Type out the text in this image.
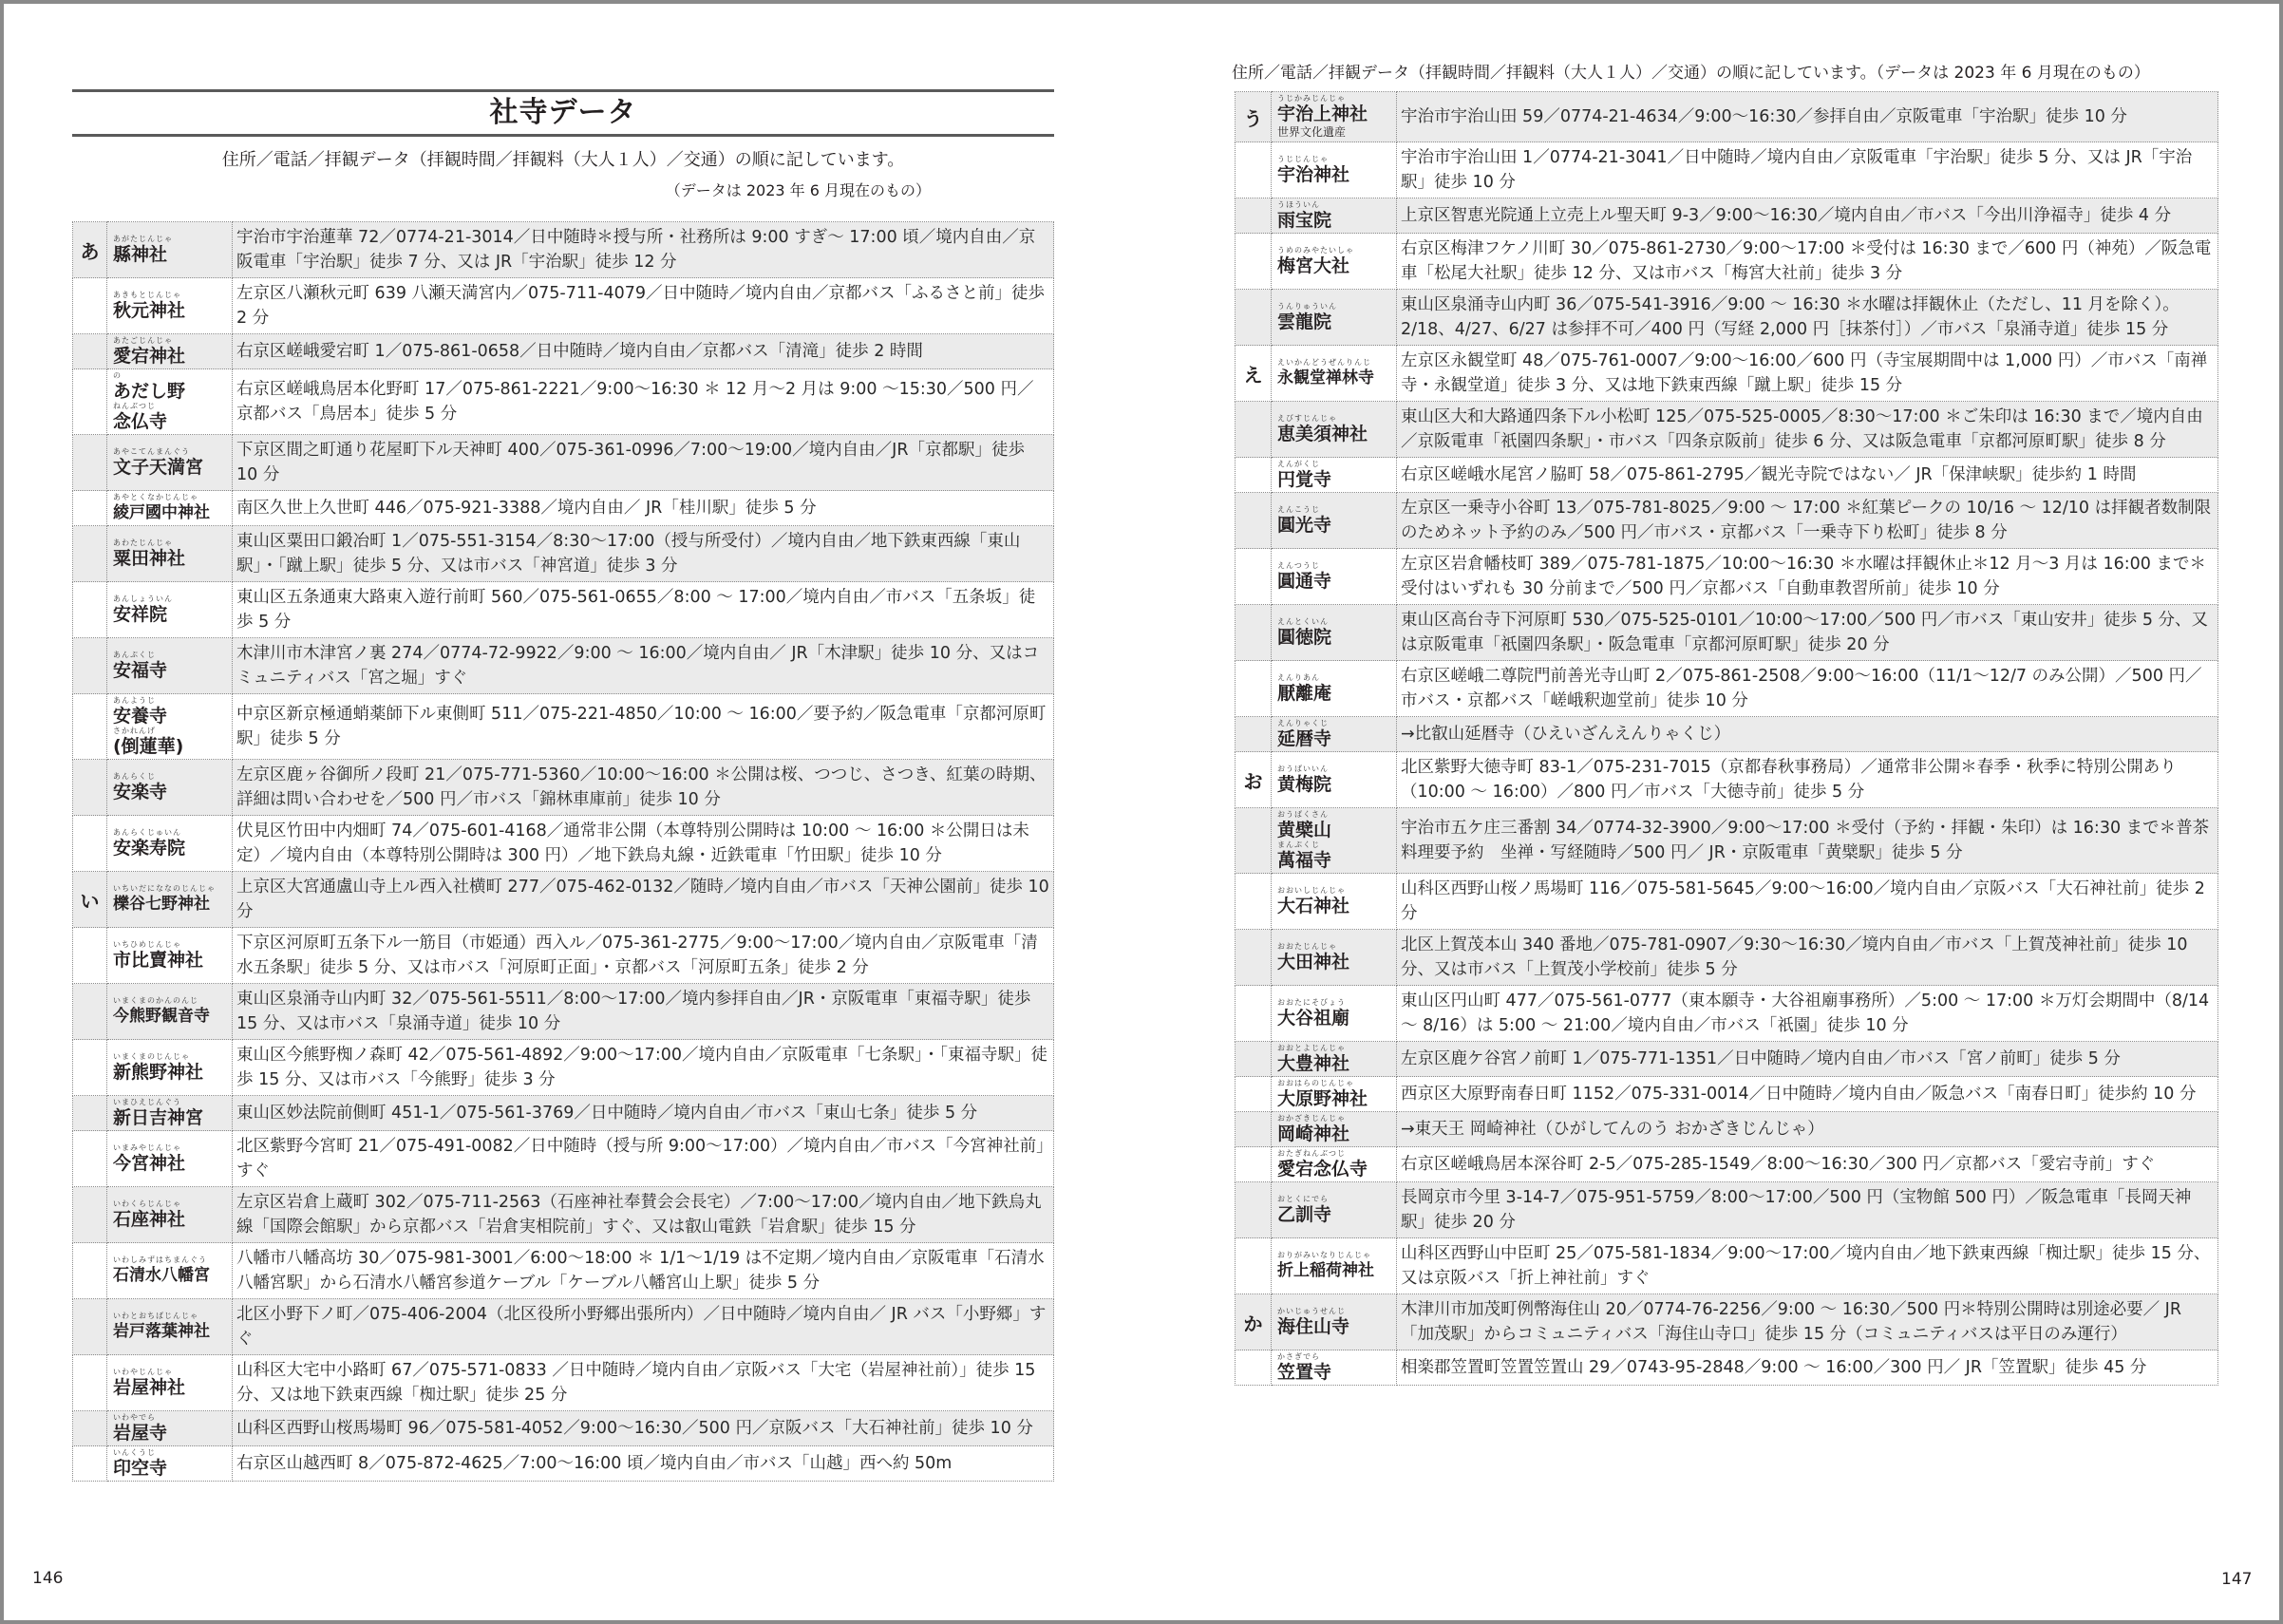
社寺データ
住所／電話／拝観データ（拝観時間／拝観料（大人１人）／交通）の順に記しています。
（データは 2023 年 6 月現在のもの）
あ	あがたじんじゃ
縣神社	宇治市宇治蓮華 72／0774-21-3014／日中随時＊授与所・社務所は 9:00 すぎ～ 17:00 頃／境内自由／京阪電車「宇治駅」徒歩 7 分、又は JR「宇治駅」徒歩 12 分

	あきもとじんじゃ
秋元神社	左京区八瀬秋元町 639 八瀬天満宮内／075-711-4079／日中随時／境内自由／京都バス「ふるさと前」徒歩 2 分

	あたごじんじゃ
愛宕神社	右京区嵯峨愛宕町 1／075-861-0658／日中随時／境内自由／京都バス「清滝」徒歩 2 時間

	の
あだし野
ねんぶつじ
念仏寺	右京区嵯峨鳥居本化野町 17／075-861-2221／9:00～16:30 ＊ 12 月～2 月は 9:00 ～15:30／500 円／京都バス「鳥居本」徒歩 5 分

	あやこてんまんぐう
文子天満宮	下京区間之町通り花屋町下ル天神町 400／075-361-0996／7:00～19:00／境内自由／JR「京都駅」徒歩 10 分

	あやとくなかじんじゃ
綾戸國中神社	南区久世上久世町 446／075-921-3388／境内自由／ JR「桂川駅」徒歩 5 分

	あわたじんじゃ
粟田神社	東山区粟田口鍛冶町 1／075-551-3154／8:30～17:00（授与所受付）／境内自由／地下鉄東西線「東山駅」・「蹴上駅」徒歩 5 分、又は市バス「神宮道」徒歩 3 分

	あんしょういん
安祥院	東山区五条通東大路東入遊行前町 560／075-561-0655／8:00 ～ 17:00／境内自由／市バス「五条坂」徒歩 5 分

	あんぷくじ
安福寺	木津川市木津宮ノ裏 274／0774-72-9922／9:00 ～ 16:00／境内自由／ JR「木津駅」徒歩 10 分、又はコミュニティバス「宮之堀」すぐ

	あんようじ
安養寺
さかれんげ
(倒蓮華)	中京区新京極通蛸薬師下ル東側町 511／075-221-4850／10:00 ～ 16:00／要予約／阪急電車「京都河原町駅」徒歩 5 分

	あんらくじ
安楽寺	左京区鹿ヶ谷御所ノ段町 21／075-771-5360／10:00～16:00 ＊公開は桜、つつじ、さつき、紅葉の時期、詳細は問い合わせを／500 円／市バス「錦林車庫前」徒歩 10 分

	あんらくじゅいん
安楽寿院	伏見区竹田中内畑町 74／075-601-4168／通常非公開（本尊特別公開時は 10:00 ～ 16:00 ＊公開日は未定）／境内自由（本尊特別公開時は 300 円）／地下鉄烏丸線・近鉄電車「竹田駅」徒歩 10 分
い	いちいだにななのじんじゃ
櫟谷七野神社	上京区大宮通盧山寺上ル西入社横町 277／075-462-0132／随時／境内自由／市バス「天神公園前」徒歩 10 分

	いちひめじんじゃ
市比賣神社	下京区河原町五条下ル一筋目（市姫通）西入ル／075-361-2775／9:00～17:00／境内自由／京阪電車「清水五条駅」徒歩 5 分、又は市バス「河原町正面」・京都バス「河原町五条」徒歩 2 分

	いまくまのかんのんじ
今熊野観音寺	東山区泉涌寺山内町 32／075-561-5511／8:00～17:00／境内参拝自由／JR・京阪電車「東福寺駅」徒歩 15 分、又は市バス「泉涌寺道」徒歩 10 分

	いまくまのじんじゃ
新熊野神社	東山区今熊野椥ノ森町 42／075-561-4892／9:00～17:00／境内自由／京阪電車「七条駅」・「東福寺駅」徒歩 15 分、又は市バス「今熊野」徒歩 3 分

	いまひえじんぐう
新日吉神宮	東山区妙法院前側町 451-1／075-561-3769／日中随時／境内自由／市バス「東山七条」徒歩 5 分

	いまみやじんじゃ
今宮神社	北区紫野今宮町 21／075-491-0082／日中随時（授与所 9:00～17:00）／境内自由／市バス「今宮神社前」すぐ

	いわくらじんじゃ
石座神社	左京区岩倉上蔵町 302／075-711-2563（石座神社奉賛会会長宅）／7:00～17:00／境内自由／地下鉄烏丸線「国際会館駅」から京都バス「岩倉実相院前」すぐ、又は叡山電鉄「岩倉駅」徒歩 15 分

	いわしみずはちまんぐう
石清水八幡宮	八幡市八幡高坊 30／075-981-3001／6:00～18:00 ＊ 1/1～1/19 は不定期／境内自由／京阪電車「石清水八幡宮駅」から石清水八幡宮参道ケーブル「ケーブル八幡宮山上駅」徒歩 5 分

	いわとおちばじんじゃ
岩戸落葉神社	北区小野下ノ町／075-406-2004（北区役所小野郷出張所内）／日中随時／境内自由／ JR バス「小野郷」すぐ

	いわやじんじゃ
岩屋神社	山科区大宅中小路町 67／075-571-0833 ／日中随時／境内自由／京阪バス「大宅（岩屋神社前）」徒歩 15 分、又は地下鉄東西線「椥辻駅」徒歩 25 分

	いわやでら
岩屋寺	山科区西野山桜馬場町 96／075-581-4052／9:00～16:30／500 円／京阪バス「大石神社前」徒歩 10 分

	いんくうじ
印空寺	右京区山越西町 8／075-872-4625／7:00～16:00 頃／境内自由／市バス「山越」西へ約 50m
146
住所／電話／拝観データ（拝観時間／拝観料（大人１人）／交通）の順に記しています。（データは 2023 年 6 月現在のもの）
う	うじかみじんじゃ
宇治上神社
世界文化遺産	宇治市宇治山田 59／0774-21-4634／9:00～16:30／参拝自由／京阪電車「宇治駅」徒歩 10 分

	うじじんじゃ
宇治神社	宇治市宇治山田 1／0774-21-3041／日中随時／境内自由／京阪電車「宇治駅」徒歩 5 分、又は JR「宇治駅」徒歩 10 分

	うほういん
雨宝院	上京区智恵光院通上立売上ル聖天町 9-3／9:00～16:30／境内自由／市バス「今出川浄福寺」徒歩 4 分

	うめのみやたいしゃ
梅宮大社	右京区梅津フケノ川町 30／075-861-2730／9:00～17:00 ＊受付は 16:30 まで／600 円（神苑）／阪急電車「松尾大社駅」徒歩 12 分、又は市バス「梅宮大社前」徒歩 3 分

	うんりゅういん
雲龍院	東山区泉涌寺山内町 36／075-541-3916／9:00 ～ 16:30 ＊水曜は拝観休止（ただし、11 月を除く）。2/18、4/27、6/27 は参拝不可／400 円（写経 2,000 円［抹茶付］）／市バス「泉涌寺道」徒歩 15 分
え	えいかんどうぜんりんじ
永観堂禅林寺	左京区永観堂町 48／075-761-0007／9:00～16:00／600 円（寺宝展期間中は 1,000 円）／市バス「南禅寺・永観堂道」徒歩 3 分、又は地下鉄東西線「蹴上駅」徒歩 15 分

	えびすじんじゃ
恵美須神社	東山区大和大路通四条下ル小松町 125／075-525-0005／8:30～17:00 ＊ご朱印は 16:30 まで／境内自由／京阪電車「祇園四条駅」・市バス「四条京阪前」徒歩 6 分、又は阪急電車「京都河原町駅」徒歩 8 分

	えんがくじ
円覚寺	右京区嵯峨水尾宮ノ脇町 58／075-861-2795／観光寺院ではない／ JR「保津峡駅」徒歩約 1 時間

	えんこうじ
圓光寺	左京区一乗寺小谷町 13／075-781-8025／9:00 ～ 17:00 ＊紅葉ピークの 10/16 ～ 12/10 は拝観者数制限のためネット予約のみ／500 円／市バス・京都バス「一乗寺下り松町」徒歩 8 分

	えんつうじ
圓通寺	左京区岩倉幡枝町 389／075-781-1875／10:00～16:30 ＊水曜は拝観休止＊12 月～3 月は 16:00 まで＊受付はいずれも 30 分前まで／500 円／京都バス「自動車教習所前」徒歩 10 分

	えんとくいん
圓徳院	東山区高台寺下河原町 530／075-525-0101／10:00～17:00／500 円／市バス「東山安井」徒歩 5 分、又は京阪電車「祇園四条駅」・阪急電車「京都河原町駅」徒歩 20 分

	えんりあん
厭離庵	右京区嵯峨二尊院門前善光寺山町 2／075-861-2508／9:00～16:00（11/1～12/7 のみ公開）／500 円／市バス・京都バス「嵯峨釈迦堂前」徒歩 10 分

	えんりゃくじ
延暦寺	→比叡山延暦寺（ひえいざんえんりゃくじ）
お	おうばいいん
黄梅院	北区紫野大徳寺町 83-1／075-231-7015（京都春秋事務局）／通常非公開＊春季・秋季に特別公開あり（10:00 ～ 16:00）／800 円／市バス「大徳寺前」徒歩 5 分

	おうばくさん
黄檗山
まんぷくじ
萬福寺	宇治市五ケ庄三番割 34／0774-32-3900／9:00～17:00 ＊受付（予約・拝観・朱印）は 16:30 まで＊普茶料理要予約　坐禅・写経随時／500 円／ JR・京阪電車「黄檗駅」徒歩 5 分

	おおいしじんじゃ
大石神社	山科区西野山桜ノ馬場町 116／075-581-5645／9:00～16:00／境内自由／京阪バス「大石神社前」徒歩 2 分

	おおたじんじゃ
大田神社	北区上賀茂本山 340 番地／075-781-0907／9:30～16:30／境内自由／市バス「上賀茂神社前」徒歩 10 分、又は市バス「上賀茂小学校前」徒歩 5 分

	おおたにそびょう
大谷祖廟	東山区円山町 477／075-561-0777（東本願寺・大谷祖廟事務所）／5:00 ～ 17:00 ＊万灯会期間中（8/14 ～ 8/16）は 5:00 ～ 21:00／境内自由／市バス「祇園」徒歩 10 分

	おおとよじんじゃ
大豊神社	左京区鹿ケ谷宮ノ前町 1／075-771-1351／日中随時／境内自由／市バス「宮ノ前町」徒歩 5 分

	おおはらのじんじゃ
大原野神社	西京区大原野南春日町 1152／075-331-0014／日中随時／境内自由／阪急バス「南春日町」徒歩約 10 分

	おかざきじんじゃ
岡崎神社	→東天王 岡崎神社（ひがしてんのう おかざきじんじゃ）

	おたぎねんぶつじ
愛宕念仏寺	右京区嵯峨鳥居本深谷町 2-5／075-285-1549／8:00～16:30／300 円／京都バス「愛宕寺前」すぐ

	おとくにでら
乙訓寺	長岡京市今里 3-14-7／075-951-5759／8:00～17:00／500 円（宝物館 500 円）／阪急電車「長岡天神駅」徒歩 20 分

	おりがみいなりじんじゃ
折上稲荷神社	山科区西野山中臣町 25／075-581-1834／9:00～17:00／境内自由／地下鉄東西線「椥辻駅」徒歩 15 分、又は京阪バス「折上神社前」すぐ
か	かいじゅうせんじ
海住山寺	木津川市加茂町例幣海住山 20／0774-76-2256／9:00 ～ 16:30／500 円＊特別公開時は別途必要／ JR「加茂駅」からコミュニティバス「海住山寺口」徒歩 15 分（コミュニティバスは平日のみ運行）

	かさぎでら
笠置寺	相楽郡笠置町笠置笠置山 29／0743-95-2848／9:00 ～ 16:00／300 円／ JR「笠置駅」徒歩 45 分
147
